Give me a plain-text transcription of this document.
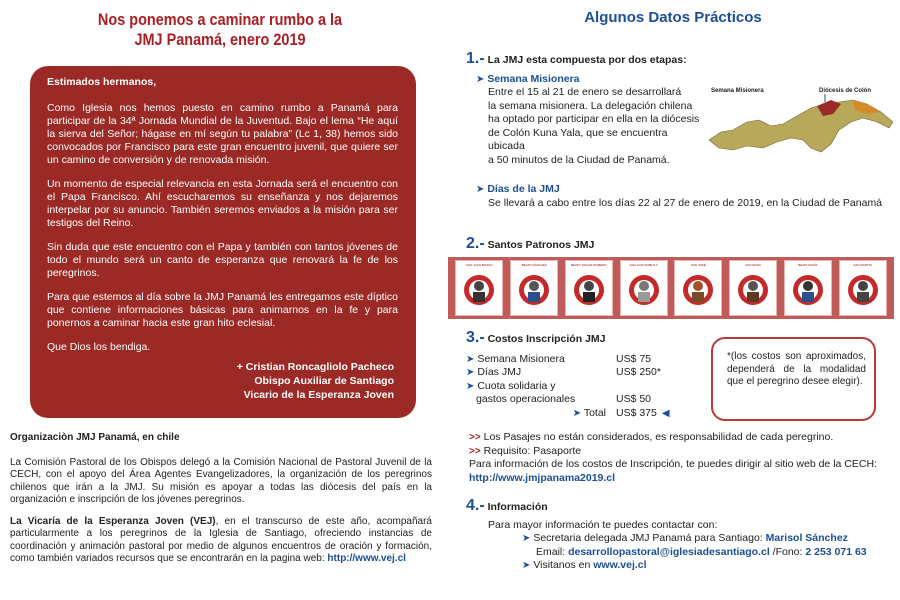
Nos ponemos a caminar rumbo a la
JMJ Panamá, enero 2019

Estimados hermanos,

Como Iglesia nos hemos puesto en camino rumbo a Panamá para participar de la 34ª Jornada Mundial de la Juventud. Bajo el lema “He aquí la sierva del Señor; hágase en mí según tu palabra” (Lc 1, 38) hemos sido convocados por Francisco para este gran encuentro juvenil, que quiere ser un camino de conversión y de renovada misión.

Un momento de especial relevancia en esta Jornada será el encuentro con el Papa Francisco. Ahí escucharemos su enseñanza y nos dejaremos interpelar por su anuncio. También seremos enviados a la misión para ser testigos del Reino.

Sin duda que este encuentro con el Papa y también con tantos jóvenes de todo el mundo será un canto de esperanza que renovará la fe de los peregrinos.

Para que estemos al día sobre la JMJ Panamá les entregamos este díptico que contiene informaciones básicas para animarnos en la fe y para ponernos a caminar hacia este gran hito eclesial.

Que Dios los bendiga.

+ Cristian Roncagliolo Pacheco
Obispo Auxiliar de Santiago
Vicario de la Esperanza Joven

Organizaciòn JMJ Panamá, en chile

La Comisión Pastoral de los Obispos delegó a la Comisión Nacional de Pastoral Juvenil de la CECH, con el apoyo del Área Agentes Evangelizadores, la organización de los peregrinos chilenos que irán a la JMJ. Su misión es apoyar a todas las diócesis del país en la organización e inscripción de los jóvenes peregrinos.

La Vicaría de la Esperanza Joven (VEJ), en el transcurso de este año, acompañará particularmente a los peregrinos de la Iglesia de Santiago, ofreciendo instancias de coordinación y animación pastoral por medio de algunos encuentros de oración y formación, como también variados recursos que se encontrarán en la pagina web: http://www.vej.cl

Algunos Datos Prácticos
1.- La JMJ esta compuesta por dos etapas:
➤ Semana Misionera
Entre el 15 al 21 de enero se desarrollará
la semana misionera. La delegación chilena
ha optado por participar en ella en la diócesis
de Colón Kuna Yala, que se encuentra ubicada
a 50 minutos de la Ciudad de Panamá.
Semana Misionera	Diócesis de Colón
➤ Días de la JMJ
Se llevará a cabo entre los días 22 al 27 de enero de 2019, en la Ciudad de Panamá
2.- Santos Patronos JMJ
SAN JUAN BOSCO	BEATO SÁNCHEZ	BEATO OSCAR ROMERO	SAN JUAN PABLO II	SAN JOSÉ	SAN ROSA	BEATA MARÍA	SAN MARTÍN
3.- Costos Inscripción JMJ
➤ Semana Misionera	US$ 75
➤ Días JMJ	US$ 250*
➤ Cuota solidaria y
gastos operacionales	US$ 50
➤ Total US$ 375 ◀
*(los costos son aproximados, dependerá de la modalidad que el peregrino desee elegir).
>> Los Pasajes no están considerados, es responsabilidad de cada peregrino.
>> Requisito: Pasaporte
Para información de los costos de Inscripción, te puedes dirigir al sitio web de la CECH:
http://www.jmjpanama2019.cl
4.- Información
Para mayor información te puedes contactar con:
➤ Secretaria delegada JMJ Panamá para Santiago: Marisol Sánchez
Email: desarrollopastoral@iglesiadesantiago.cl /Fono: 2 253 071 63
➤ Visitanos en www.vej.cl
